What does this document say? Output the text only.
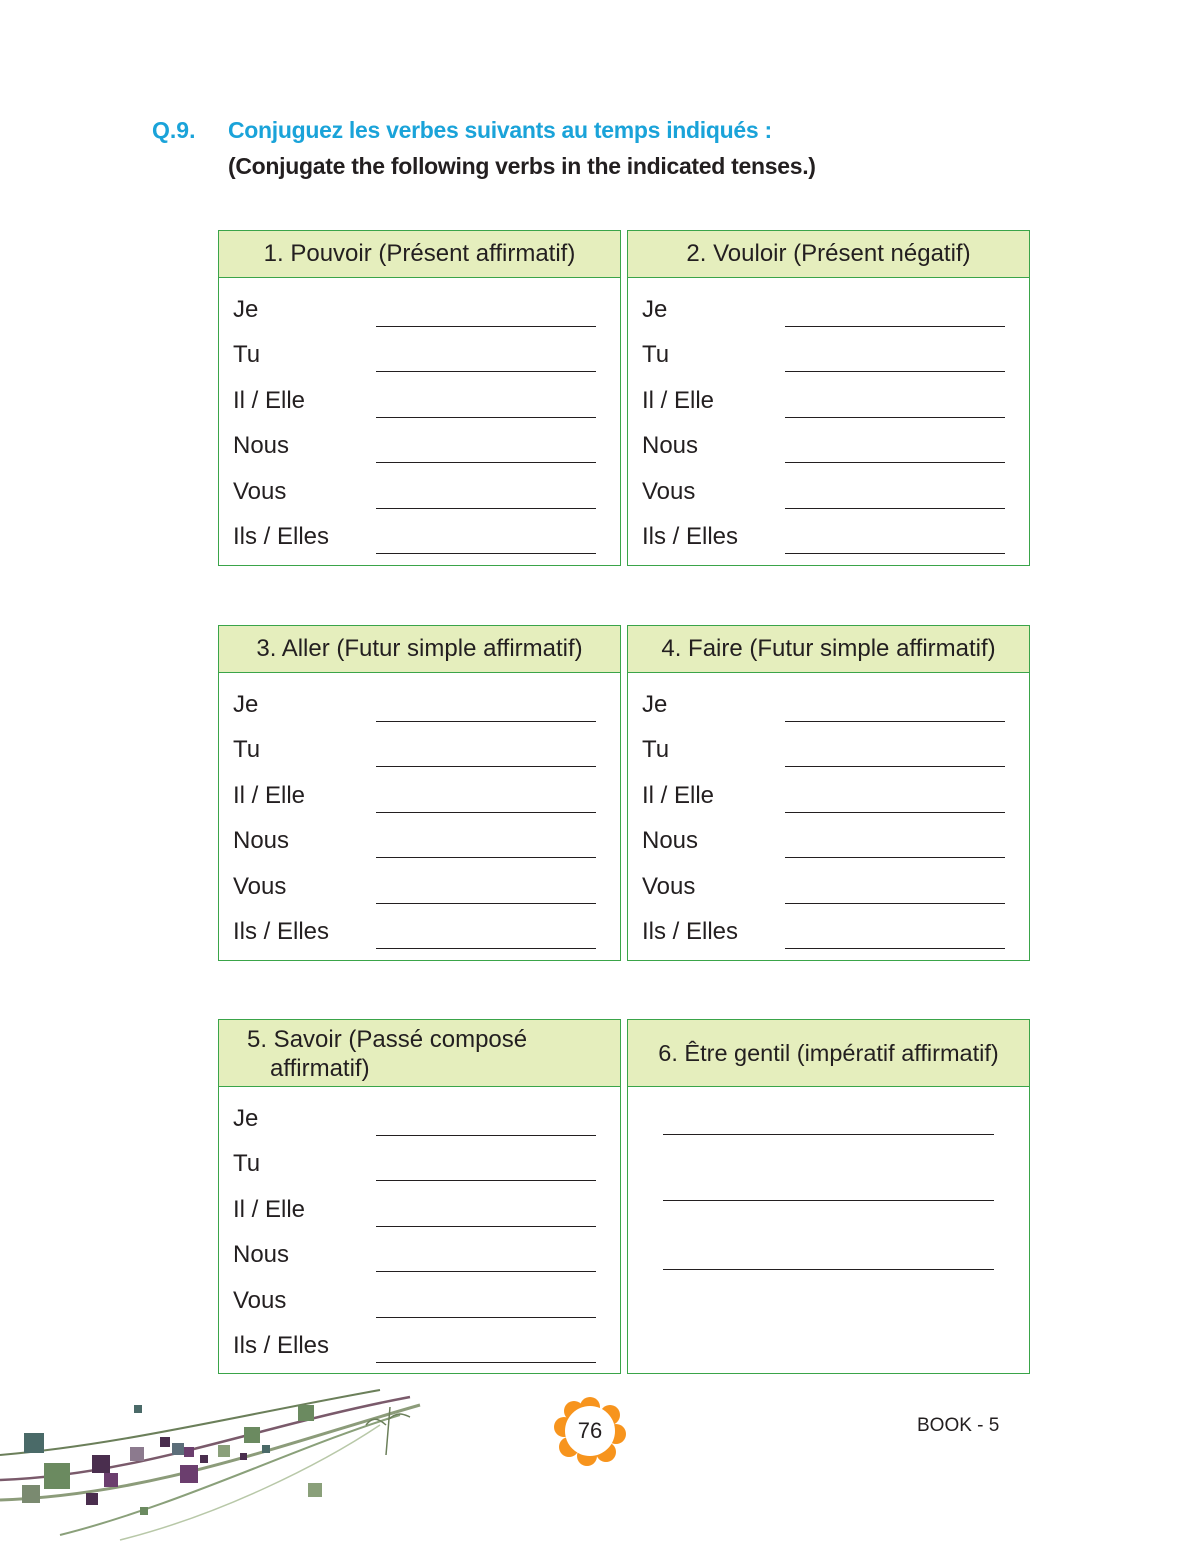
Q.9. Conjuguez les verbes suivants au temps indiqués :
(Conjugate the following verbs in the indicated tenses.)
1. Pouvoir (Présent affirmatif)
Je
Tu
Il / Elle
Nous
Vous
Ils / Elles
2. Vouloir (Présent négatif)
Je
Tu
Il / Elle
Nous
Vous
Ils / Elles
3. Aller (Futur simple affirmatif)
Je
Tu
Il / Elle
Nous
Vous
Ils / Elles
4. Faire (Futur simple affirmatif)
Je
Tu
Il / Elle
Nous
Vous
Ils / Elles
5. Savoir (Passé composé
affirmatif)
Je
Tu
Il / Elle
Nous
Vous
Ils / Elles
6. Être gentil (impératif affirmatif)
76	BOOK - 5
